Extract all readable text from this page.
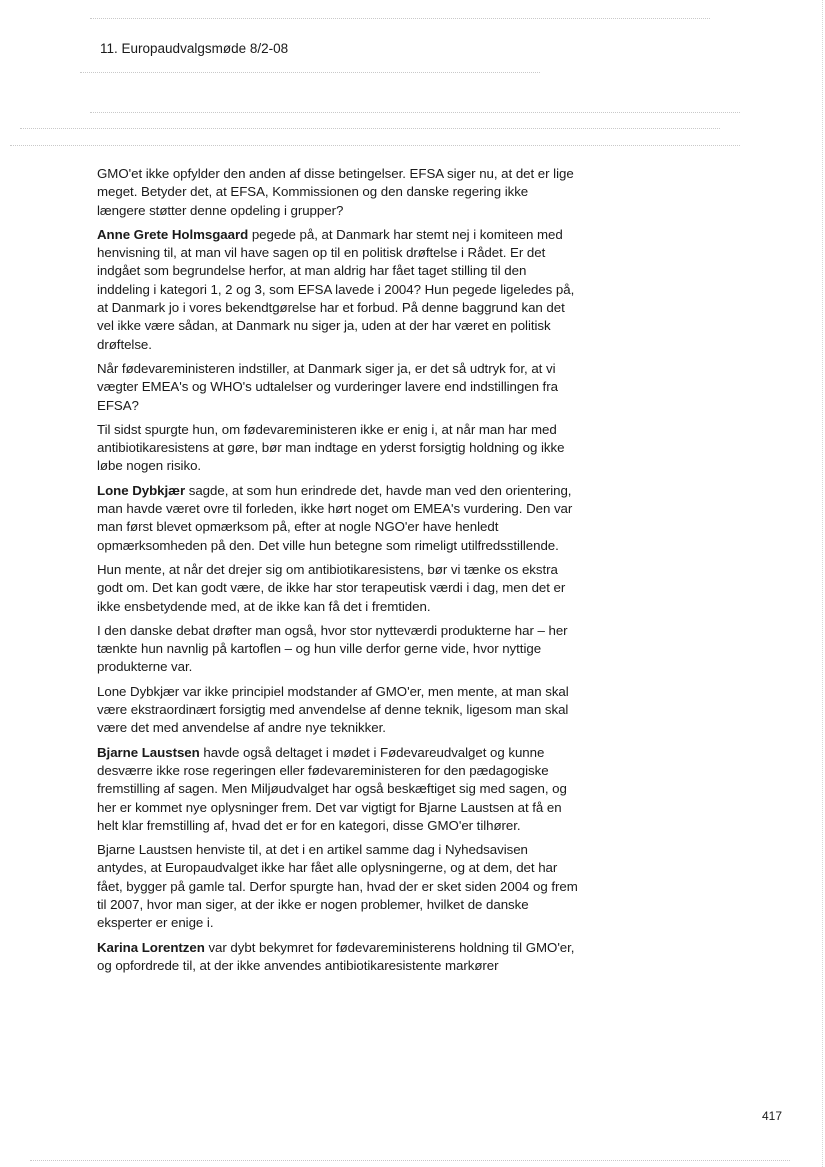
11. Europaudvalgsmøde 8/2-08

GMO'et ikke opfylder den anden af disse betingelser. EFSA siger nu, at det er lige meget. Betyder det, at EFSA, Kommissionen og den danske regering ikke længere støtter denne opdeling i grupper?

Anne Grete Holmsgaard pegede på, at Danmark har stemt nej i komiteen med henvisning til, at man vil have sagen op til en politisk drøftelse i Rådet. Er det indgået som begrundelse herfor, at man aldrig har fået taget stilling til den inddeling i kategori 1, 2 og 3, som EFSA lavede i 2004? Hun pegede ligeledes på, at Danmark jo i vores bekendtgørelse har et forbud. På denne baggrund kan det vel ikke være sådan, at Danmark nu siger ja, uden at der har været en politisk drøftelse.

Når fødevareministeren indstiller, at Danmark siger ja, er det så udtryk for, at vi vægter EMEA's og WHO's udtalelser og vurderinger lavere end indstillingen fra EFSA?

Til sidst spurgte hun, om fødevareministeren ikke er enig i, at når man har med antibiotikaresistens at gøre, bør man indtage en yderst forsigtig holdning og ikke løbe nogen risiko.

Lone Dybkjær sagde, at som hun erindrede det, havde man ved den orientering, man havde været ovre til forleden, ikke hørt noget om EMEA's vurdering. Den var man først blevet opmærksom på, efter at nogle NGO'er have henledt opmærksomheden på den. Det ville hun betegne som rimeligt utilfredsstillende.

Hun mente, at når det drejer sig om antibiotikaresistens, bør vi tænke os ekstra godt om. Det kan godt være, de ikke har stor terapeutisk værdi i dag, men det er ikke ensbetydende med, at de ikke kan få det i fremtiden.

I den danske debat drøfter man også, hvor stor nytteværdi produkterne har – her tænkte hun navnlig på kartoflen – og hun ville derfor gerne vide, hvor nyttige produkterne var.

Lone Dybkjær var ikke principiel modstander af GMO'er, men mente, at man skal være ekstraordinært forsigtig med anvendelse af denne teknik, ligesom man skal være det med anvendelse af andre nye teknikker.

Bjarne Laustsen havde også deltaget i mødet i Fødevareudvalget og kunne desværre ikke rose regeringen eller fødevareministeren for den pædagogiske fremstilling af sagen. Men Miljøudvalget har også beskæftiget sig med sagen, og her er kommet nye oplysninger frem. Det var vigtigt for Bjarne Laustsen at få en helt klar fremstilling af, hvad det er for en kategori, disse GMO'er tilhører.

Bjarne Laustsen henviste til, at det i en artikel samme dag i Nyhedsavisen antydes, at Europaudvalget ikke har fået alle oplysningerne, og at dem, det har fået, bygger på gamle tal. Derfor spurgte han, hvad der er sket siden 2004 og frem til 2007, hvor man siger, at der ikke er nogen problemer, hvilket de danske eksperter er enige i.

Karina Lorentzen var dybt bekymret for fødevareministerens holdning til GMO'er, og opfordrede til, at der ikke anvendes antibiotikaresistente markører

417
